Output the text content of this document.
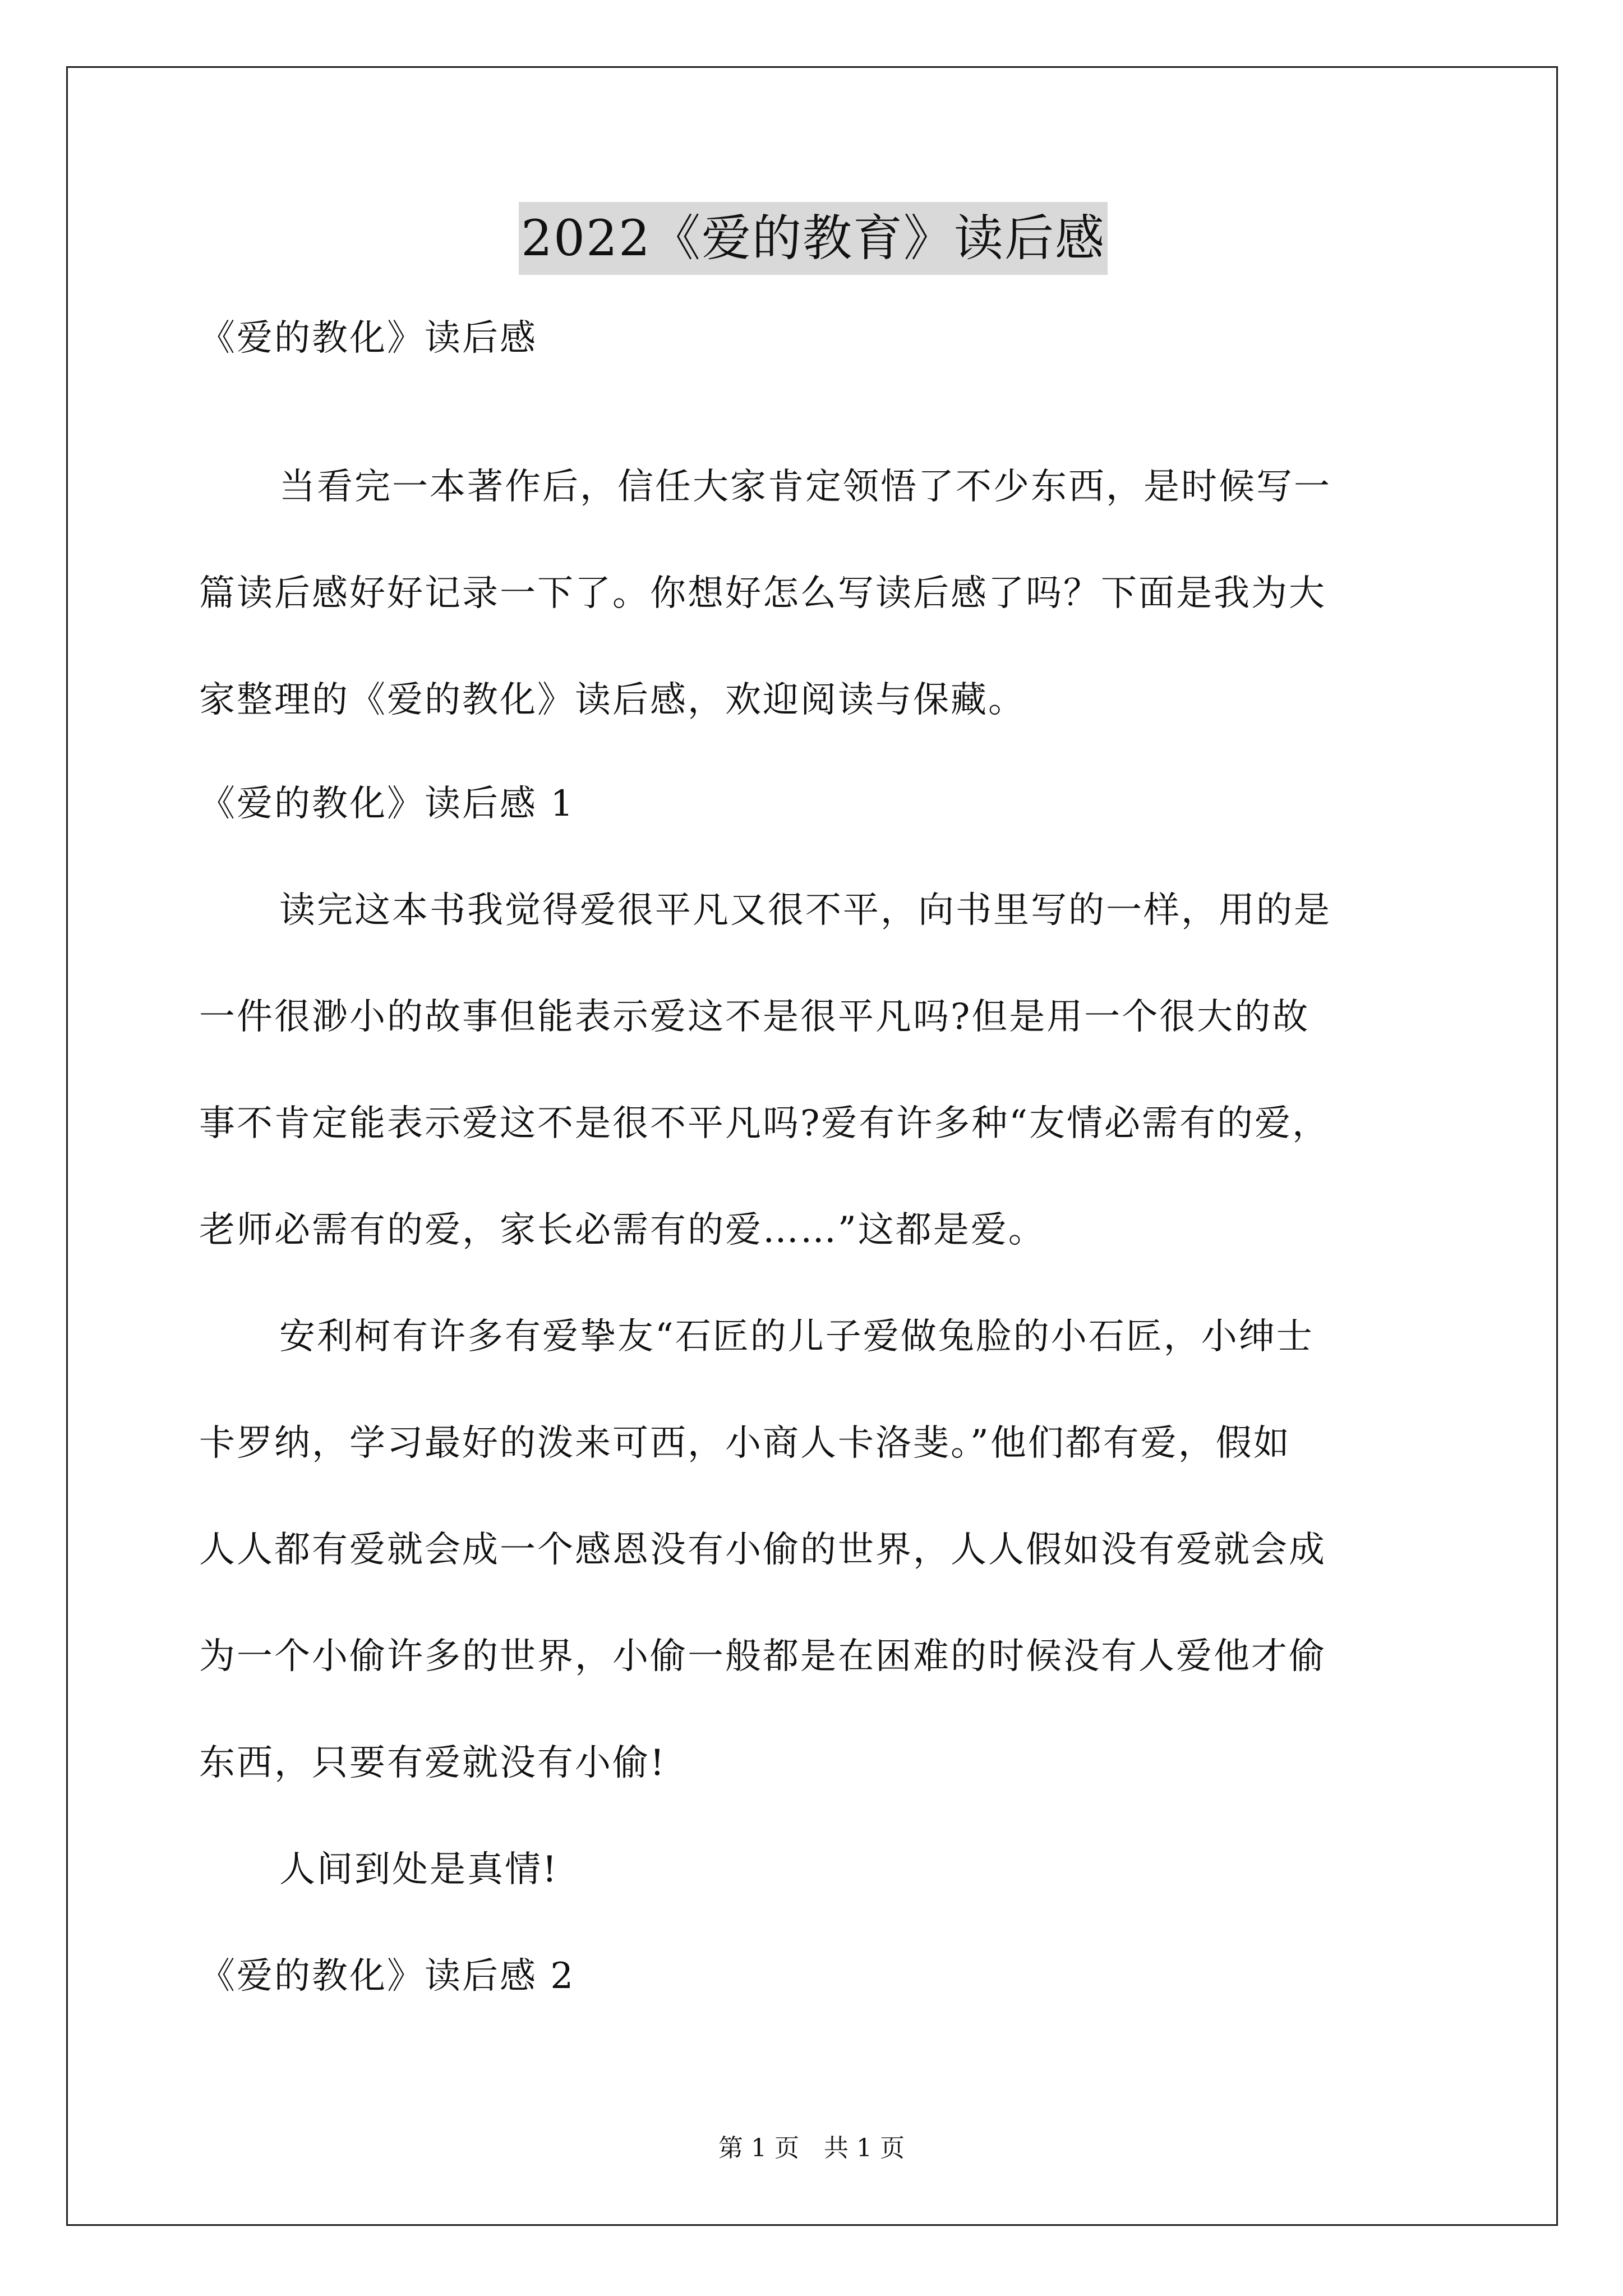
2022《爱的教育》读后感
《爱的教化》读后感
当看完一本著作后，信任大家肯定领悟了不少东西，是时候写一
篇读后感好好记录一下了。你想好怎么写读后感了吗？下面是我为大
家整理的《爱的教化》读后感，欢迎阅读与保藏。
《爱的教化》读后感 1
读完这本书我觉得爱很平凡又很不平，向书里写的一样，用的是
一件很渺小的故事但能表示爱这不是很平凡吗?但是用一个很大的故
事不肯定能表示爱这不是很不平凡吗?爱有许多种“友情必需有的爱，
老师必需有的爱，家长必需有的爱……”这都是爱。
安利柯有许多有爱挚友“石匠的儿子爱做兔脸的小石匠，小绅士
卡罗纳，学习最好的泼来可西，小商人卡洛斐。”他们都有爱，假如
人人都有爱就会成一个感恩没有小偷的世界，人人假如没有爱就会成
为一个小偷许多的世界，小偷一般都是在困难的时候没有人爱他才偷
东西，只要有爱就没有小偷!
人间到处是真情!
《爱的教化》读后感 2
第 1 页　共 1 页
